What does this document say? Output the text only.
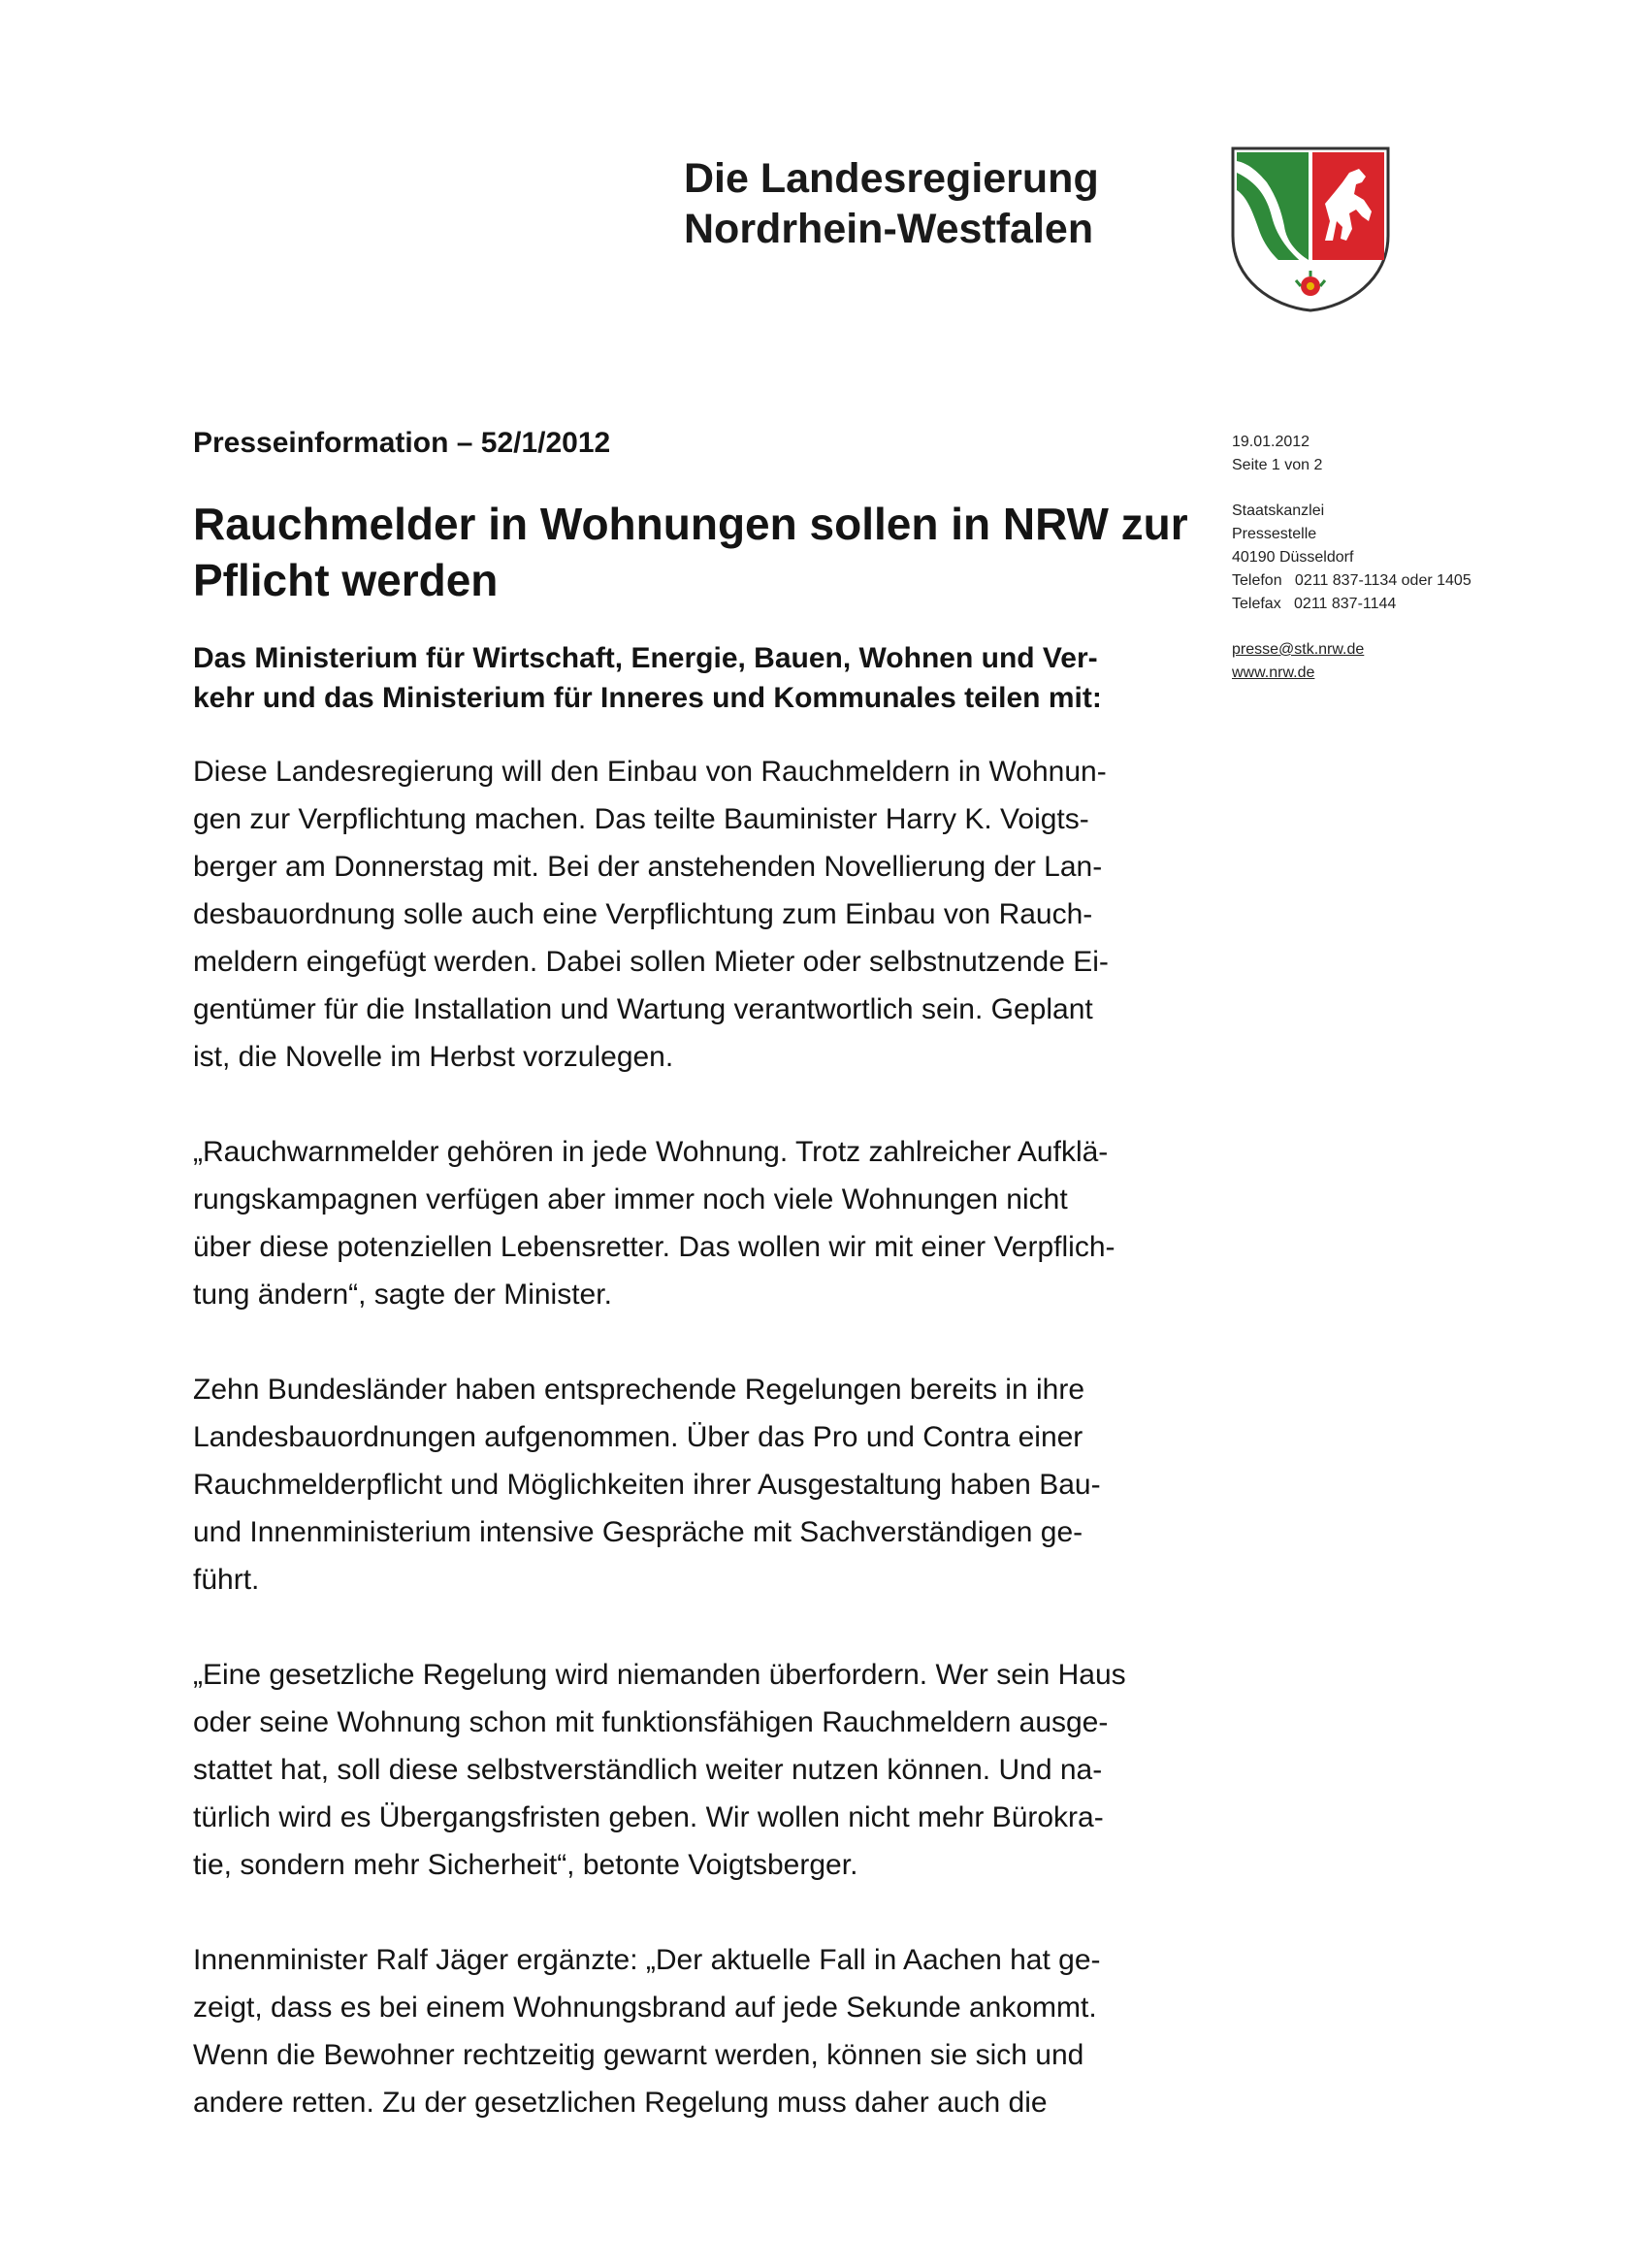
Die Landesregierung
Nordrhein-Westfalen
Presseinformation – 52/1/2012
Rauchmelder in Wohnungen sollen in NRW zur
Pflicht werden
Das Ministerium für Wirtschaft, Energie, Bauen, Wohnen und Ver-
kehr und das Ministerium für Inneres und Kommunales teilen mit:
19.01.2012
Seite 1 von 2
Staatskanzlei
Pressestelle
40190 Düsseldorf
Telefon   0211 837-1134 oder 1405
Telefax   0211 837-1144
presse@stk.nrw.de
www.nrw.de
Diese Landesregierung will den Einbau von Rauchmeldern in Wohnun-
gen zur Verpflichtung machen. Das teilte Bauminister Harry K. Voigts-
berger am Donnerstag mit. Bei der anstehenden Novellierung der Lan-
desbauordnung solle auch eine Verpflichtung zum Einbau von Rauch-
meldern eingefügt werden. Dabei sollen Mieter oder selbstnutzende Ei-
gentümer für die Installation und Wartung verantwortlich sein. Geplant
ist, die Novelle im Herbst vorzulegen.
„Rauchwarnmelder gehören in jede Wohnung. Trotz zahlreicher Aufklä-
rungskampagnen verfügen aber immer noch viele Wohnungen nicht
über diese potenziellen Lebensretter. Das wollen wir mit einer Verpflich-
tung ändern“, sagte der Minister.
Zehn Bundesländer haben entsprechende Regelungen bereits in ihre
Landesbauordnungen aufgenommen. Über das Pro und Contra einer
Rauchmelderpflicht und Möglichkeiten ihrer Ausgestaltung haben Bau-
und Innenministerium intensive Gespräche mit Sachverständigen ge-
führt.
„Eine gesetzliche Regelung wird niemanden überfordern. Wer sein Haus
oder seine Wohnung schon mit funktionsfähigen Rauchmeldern ausge-
stattet hat, soll diese selbstverständlich weiter nutzen können. Und na-
türlich wird es Übergangsfristen geben. Wir wollen nicht mehr Bürokra-
tie, sondern mehr Sicherheit“, betonte Voigtsberger.
Innenminister Ralf Jäger ergänzte: „Der aktuelle Fall in Aachen hat ge-
zeigt, dass es bei einem Wohnungsbrand auf jede Sekunde ankommt.
Wenn die Bewohner rechtzeitig gewarnt werden, können sie sich und
andere retten. Zu der gesetzlichen Regelung muss daher auch die
